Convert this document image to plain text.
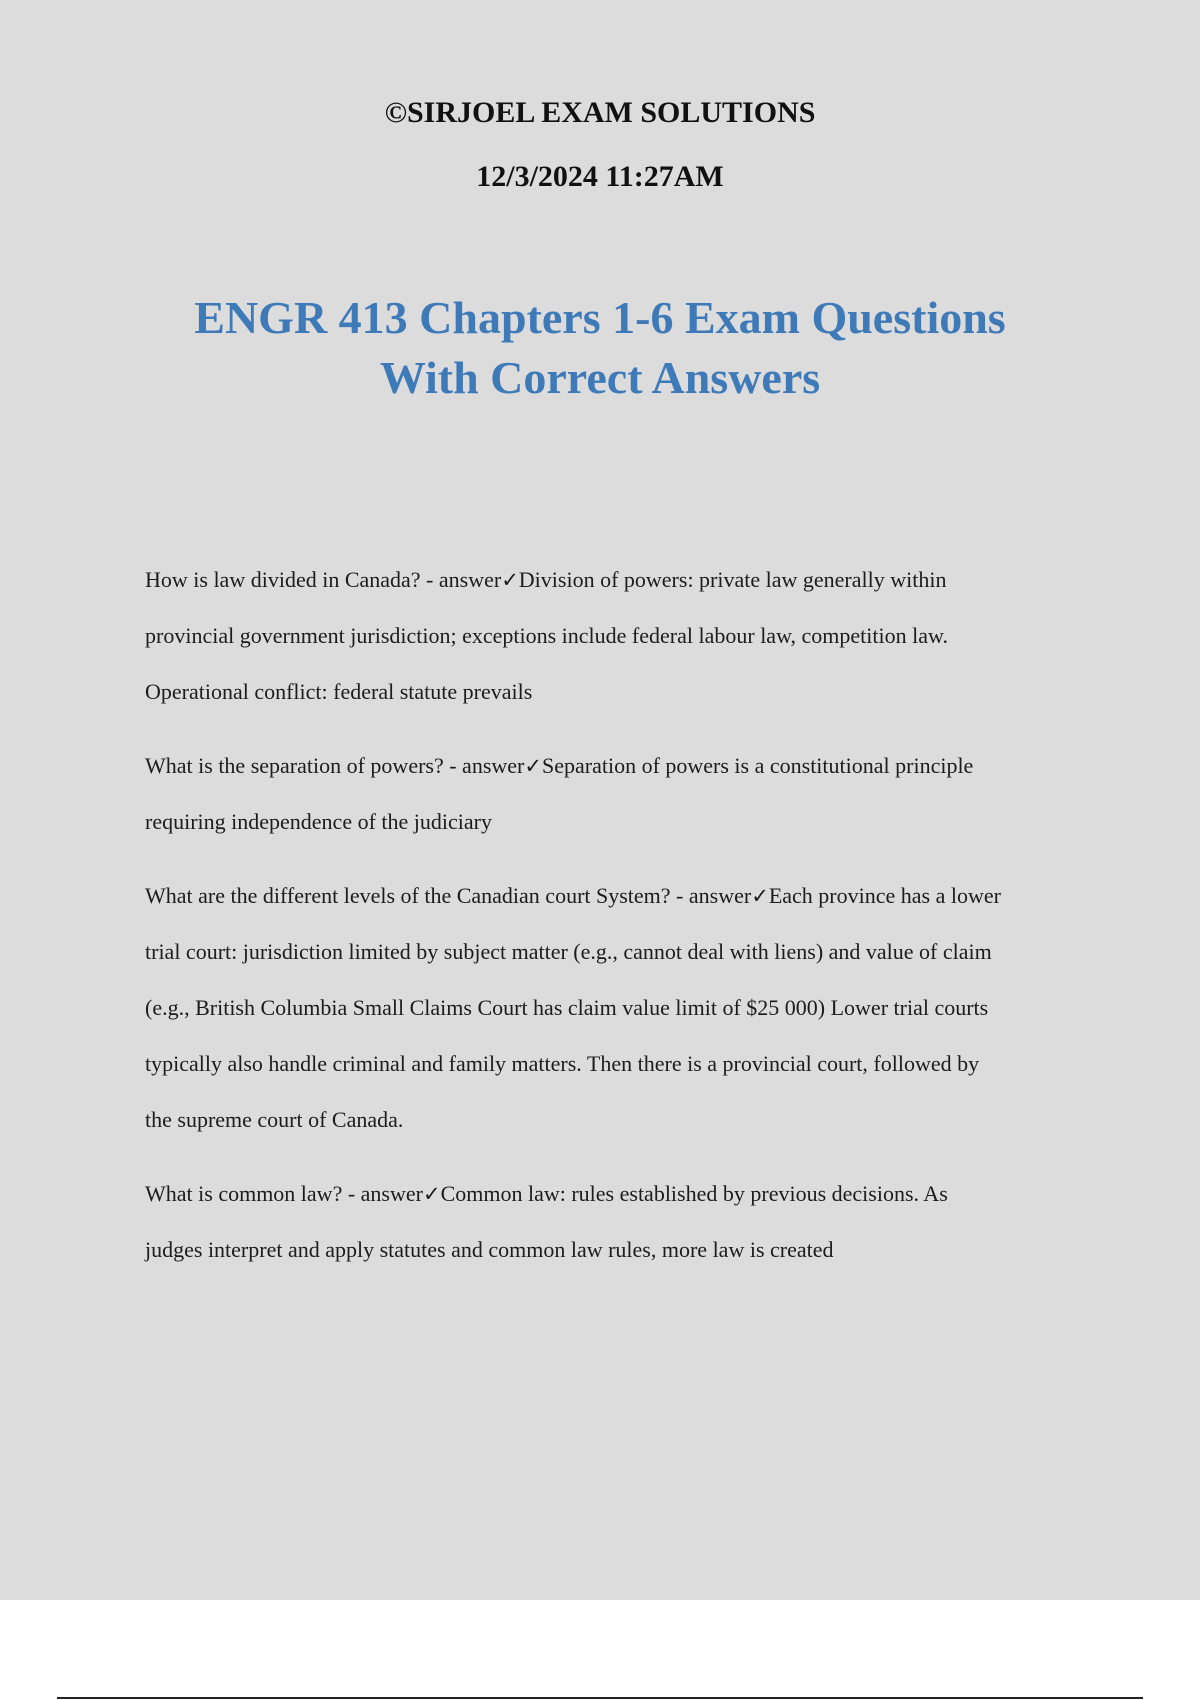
©SIRJOEL EXAM SOLUTIONS
12/3/2024 11:27AM
ENGR 413 Chapters 1-6 Exam Questions
With Correct Answers
How is law divided in Canada? - answer✓Division of powers: private law generally within
provincial government jurisdiction; exceptions include federal labour law, competition law.
Operational conflict: federal statute prevails
What is the separation of powers? - answer✓Separation of powers is a constitutional principle
requiring independence of the judiciary
What are the different levels of the Canadian court System? - answer✓Each province has a lower
trial court: jurisdiction limited by subject matter (e.g., cannot deal with liens) and value of claim
(e.g., British Columbia Small Claims Court has claim value limit of $25 000) Lower trial courts
typically also handle criminal and family matters. Then there is a provincial court, followed by
the supreme court of Canada.
What is common law? - answer✓Common law: rules established by previous decisions. As
judges interpret and apply statutes and common law rules, more law is created
